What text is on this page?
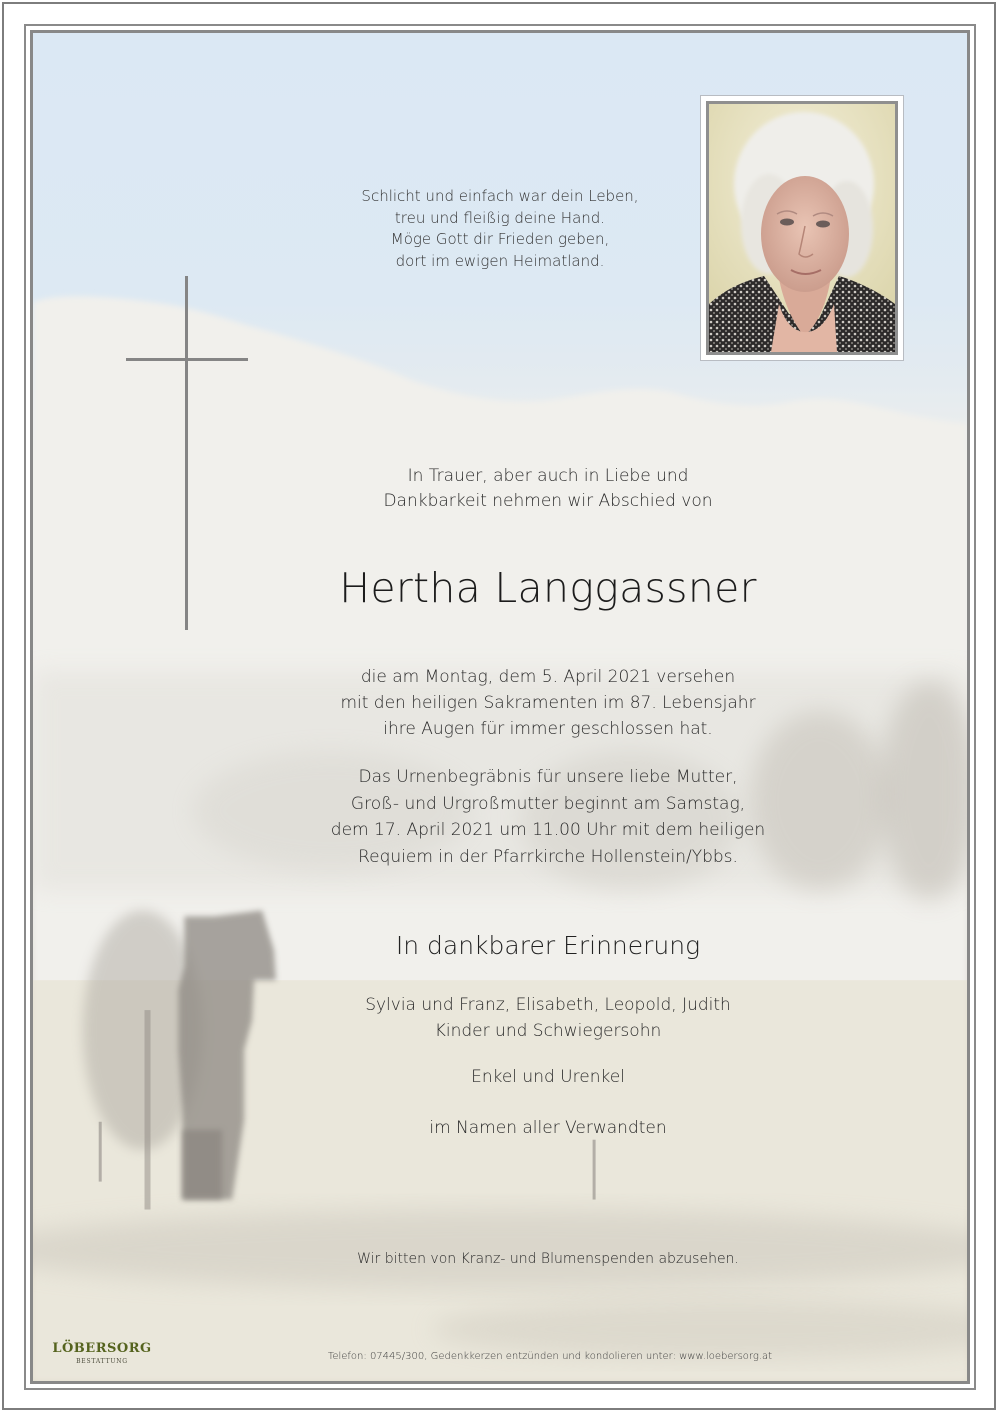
Schlicht und einfach war dein Leben,
treu und fleißig deine Hand.
Möge Gott dir Frieden geben,
dort im ewigen Heimatland.
In Trauer, aber auch in Liebe und
Dankbarkeit nehmen wir Abschied von
Hertha Langgassner
die am Montag, dem 5. April 2021 versehen
mit den heiligen Sakramenten im 87. Lebensjahr
ihre Augen für immer geschlossen hat.
Das Urnenbegräbnis für unsere liebe Mutter,
Groß- und Urgroßmutter beginnt am Samstag,
dem 17. April 2021 um 11.00 Uhr mit dem heiligen
Requiem in der Pfarrkirche Hollenstein/Ybbs.
In dankbarer Erinnerung
Sylvia und Franz, Elisabeth, Leopold, Judith
Kinder und Schwiegersohn
Enkel und Urenkel
im Namen aller Verwandten
Wir bitten von Kranz- und Blumenspenden abzusehen.
LÖBERSORG
BESTATTUNG	Telefon: 07445/300, Gedenkkerzen entzünden und kondolieren unter: www.loebersorg.at
